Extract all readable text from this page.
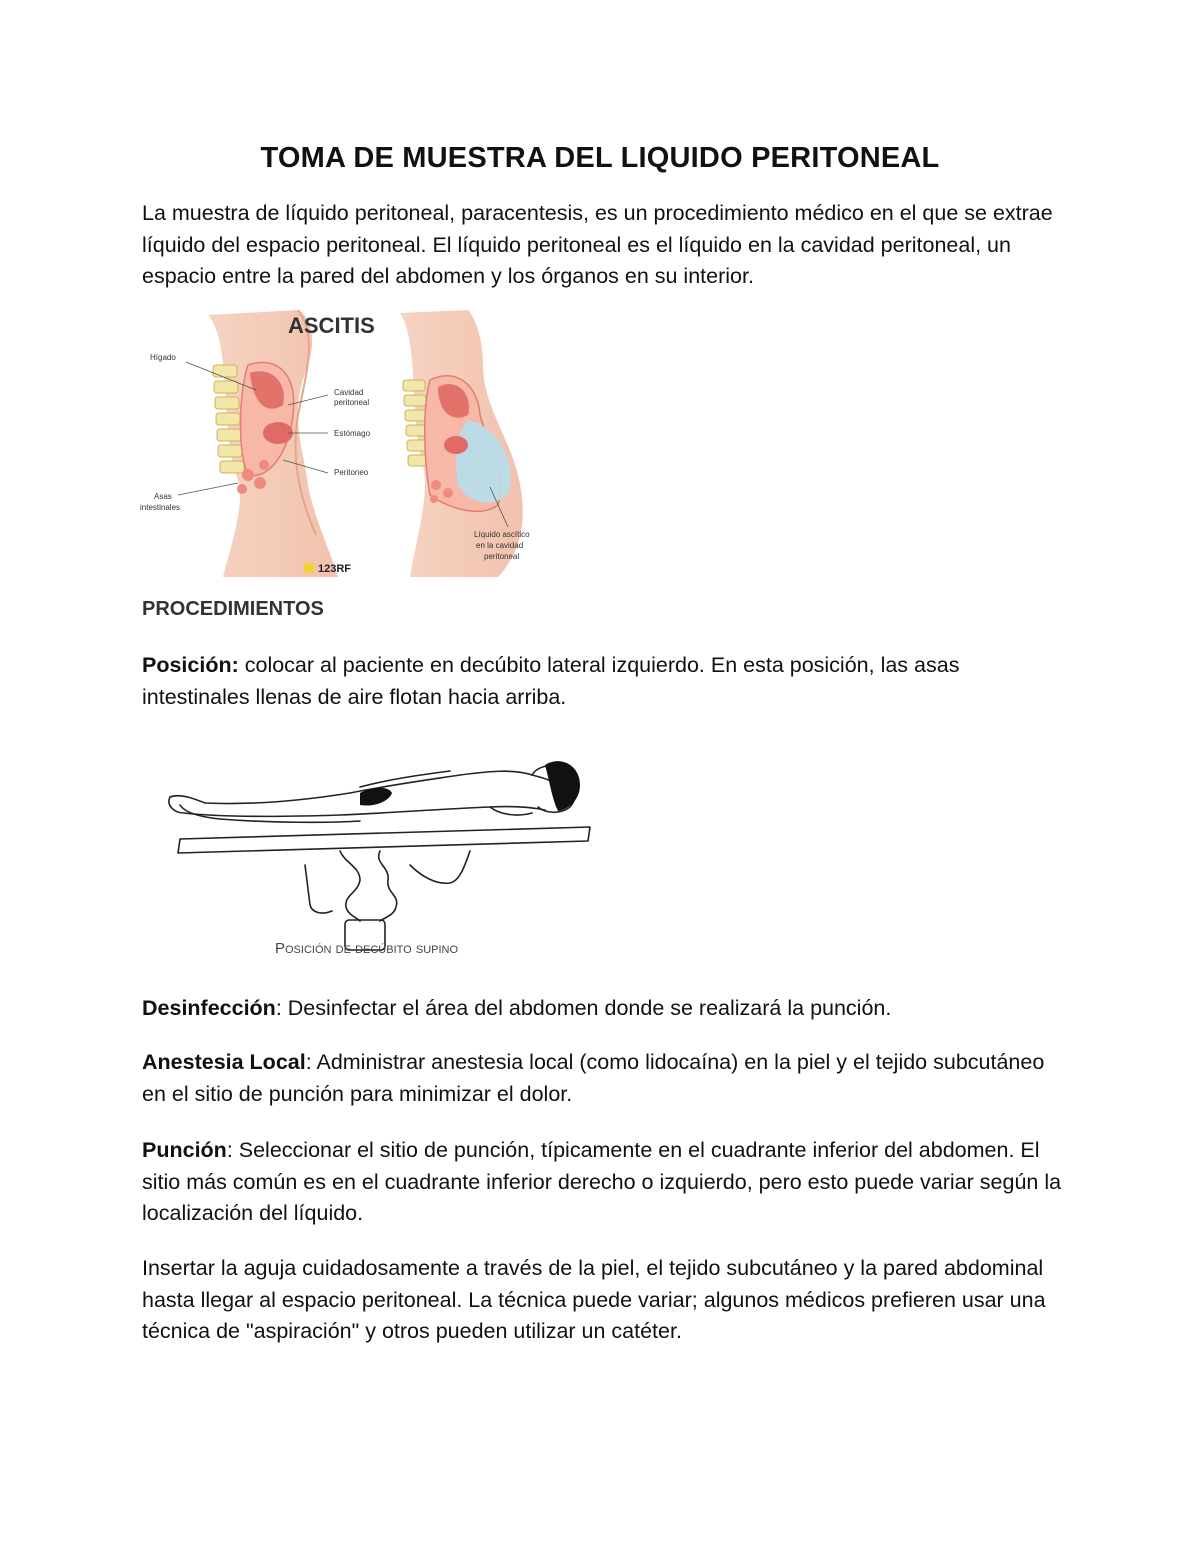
TOMA DE MUESTRA DEL LIQUIDO PERITONEAL

La muestra de líquido peritoneal, paracentesis, es un procedimiento médico en el que se extrae líquido del espacio peritoneal. El líquido peritoneal es el líquido en la cavidad peritoneal, un espacio entre la pared del abdomen y los órganos en su interior.

ASCITIS
Hígado
Cavidad
peritoneal
Estómago
Peritoneo
Asas
intestinales
Líquido ascítico
en la cavidad
peritoneal
123RF
PROCEDIMIENTOS

Posición: colocar al paciente en decúbito lateral izquierdo. En esta posición, las asas intestinales llenas de aire flotan hacia arriba.

Posición de decúbito supino

Desinfección: Desinfectar el área del abdomen donde se realizará la punción.

Anestesia Local: Administrar anestesia local (como lidocaína) en la piel y el tejido subcutáneo en el sitio de punción para minimizar el dolor.

Punción: Seleccionar el sitio de punción, típicamente en el cuadrante inferior del abdomen. El sitio más común es en el cuadrante inferior derecho o izquierdo, pero esto puede variar según la localización del líquido.

Insertar la aguja cuidadosamente a través de la piel, el tejido subcutáneo y la pared abdominal hasta llegar al espacio peritoneal. La técnica puede variar; algunos médicos prefieren usar una técnica de "aspiración" y otros pueden utilizar un catéter.
